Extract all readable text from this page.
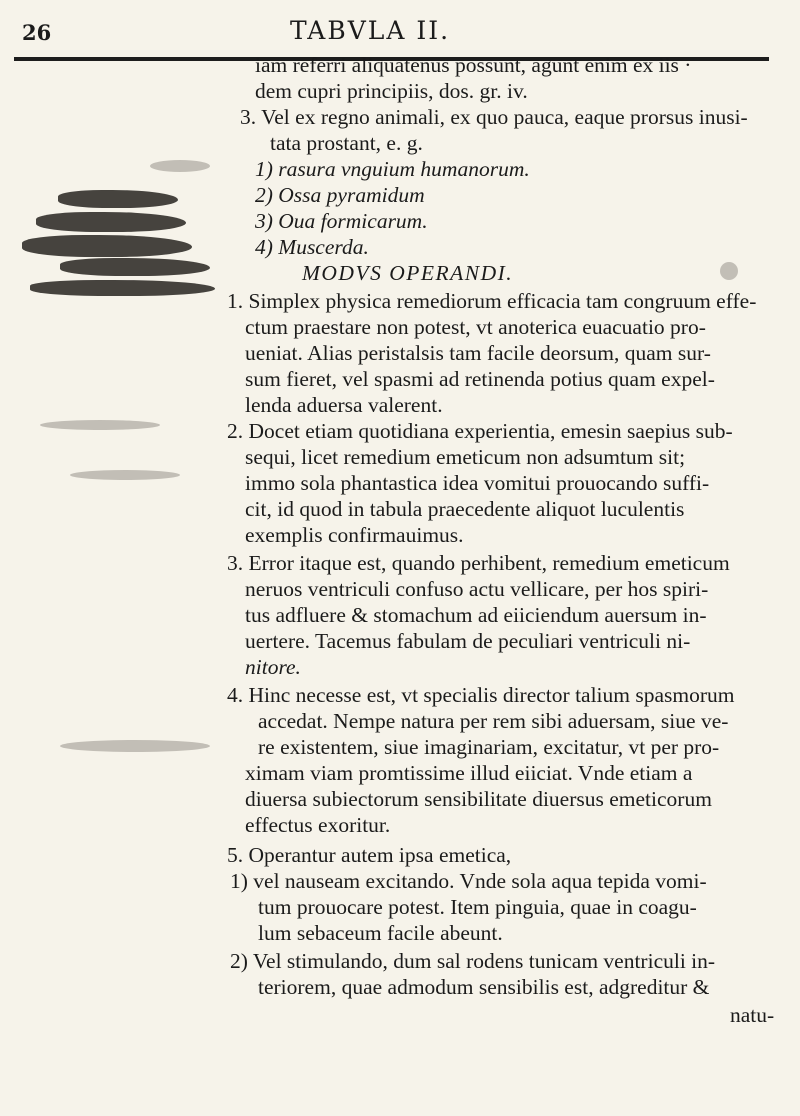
26	TABVLA II.
iam referri aliquatenus possunt, agunt enim ex iis ·
dem cupri principiis, dos. gr. iv.
3. Vel ex regno animali, ex quo pauca, eaque prorsus inusi-
tata prostant, e. g.
1) rasura vnguium humanorum.
2) Ossa pyramidum
3) Oua formicarum.
4) Muscerda.
MODVS OPERANDI.
1. Simplex physica remediorum efficacia tam congruum effe-
ctum praestare non potest, vt anoterica euacuatio pro-
ueniat. Alias peristalsis tam facile deorsum, quam sur-
sum fieret, vel spasmi ad retinenda potius quam expel-
lenda aduersa valerent.
2. Docet etiam quotidiana experientia, emesin saepius sub-
sequi, licet remedium emeticum non adsumtum sit;
immo sola phantastica idea vomitui prouocando suffi-
cit, id quod in tabula praecedente aliquot luculentis
exemplis confirmauimus.
3. Error itaque est, quando perhibent, remedium emeticum
neruos ventriculi confuso actu vellicare, per hos spiri-
tus adfluere & stomachum ad eiiciendum auersum in-
uertere. Tacemus fabulam de peculiari ventriculi ni-
nitore.
4. Hinc necesse est, vt specialis director talium spasmorum
accedat. Nempe natura per rem sibi aduersam, siue ve-
re existentem, siue imaginariam, excitatur, vt per pro-
ximam viam promtissime illud eiiciat. Vnde etiam a
diuersa subiectorum sensibilitate diuersus emeticorum
effectus exoritur.
5. Operantur autem ipsa emetica,
1) vel nauseam excitando. Vnde sola aqua tepida vomi-
tum prouocare potest. Item pinguia, quae in coagu-
lum sebaceum facile abeunt.
2) Vel stimulando, dum sal rodens tunicam ventriculi in-
teriorem, quae admodum sensibilis est, adgreditur &
natu-
